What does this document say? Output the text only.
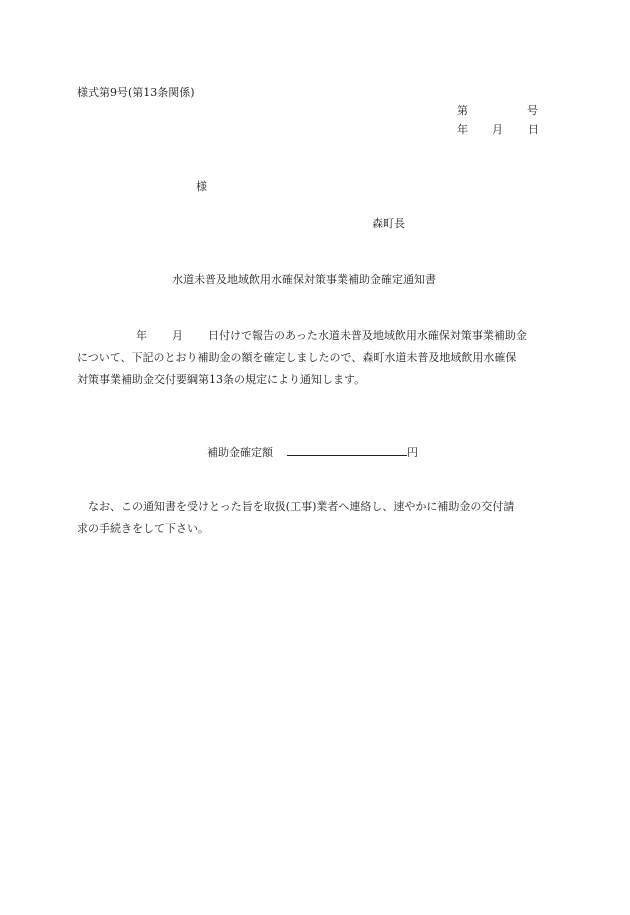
様式第9号(第13条関係)
第	号
年 月 日
様
森町長
水道未普及地域飲用水確保対策事業補助金確定通知書
年 月 日付けで報告のあった水道未普及地域飲用水確保対策事業補助金
について、下記のとおり補助金の額を確定しましたので、森町水道未普及地域飲用水確保
対策事業補助金交付要綱第13条の規定により通知します。
補助金確定額	円
なお、この通知書を受けとった旨を取扱(工事)業者へ連絡し、速やかに補助金の交付請
求の手続きをして下さい。
